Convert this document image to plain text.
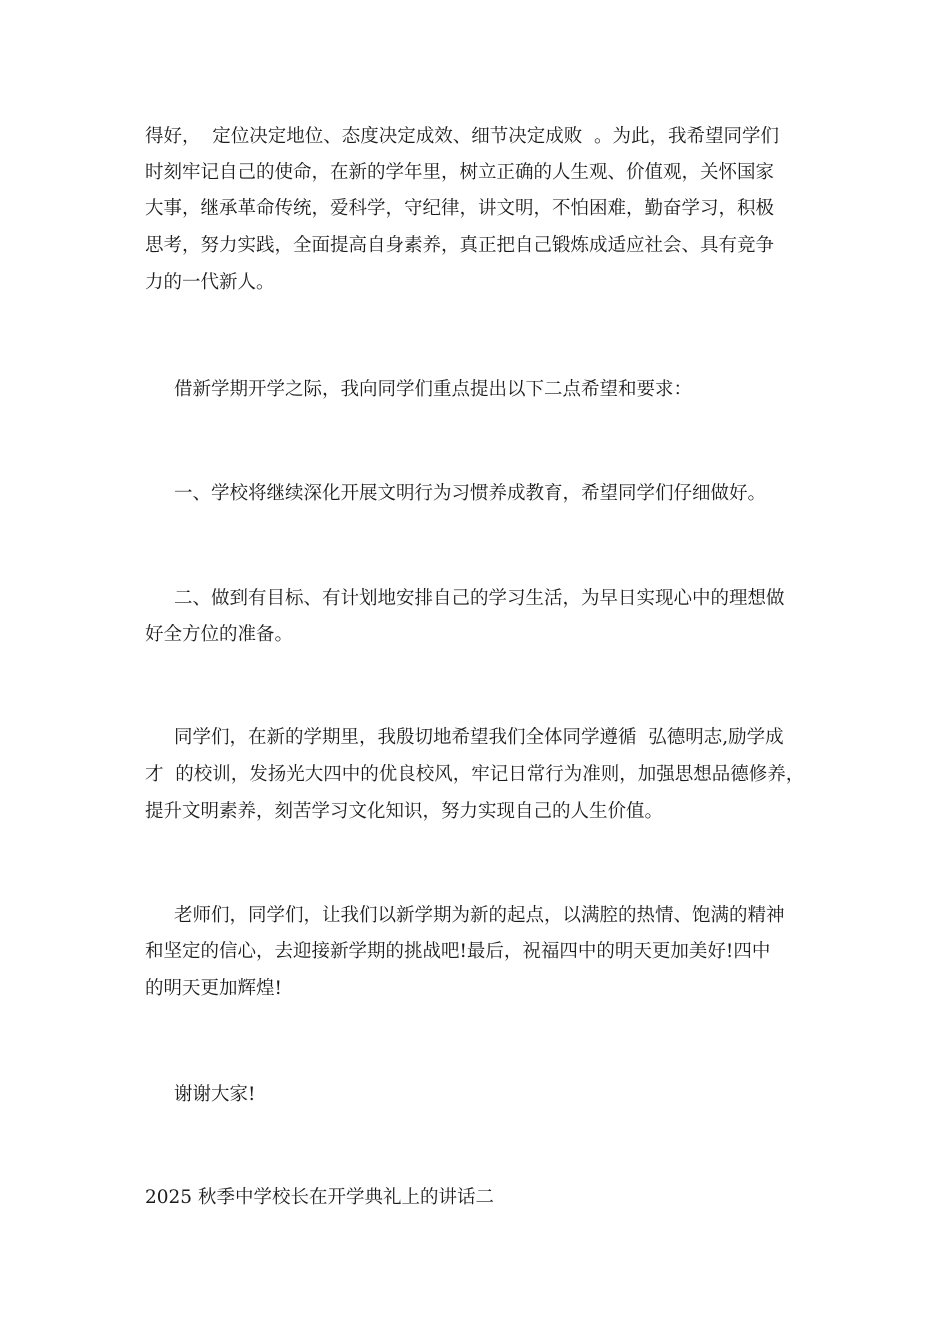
得好，  定位决定地位、态度决定成效、细节决定成败  。为此，我希望同学们
时刻牢记自己的使命，在新的学年里，树立正确的人生观、价值观，关怀国家
大事，继承革命传统，爱科学，守纪律，讲文明，不怕困难，勤奋学习，积极
思考，努力实践，全面提高自身素养，真正把自己锻炼成适应社会、具有竞争
力的一代新人。
借新学期开学之际，我向同学们重点提出以下二点希望和要求：
一、学校将继续深化开展文明行为习惯养成教育，希望同学们仔细做好。
二、做到有目标、有计划地安排自己的学习生活，为早日实现心中的理想做
好全方位的准备。
同学们，在新的学期里，我殷切地希望我们全体同学遵循  弘德明志,励学成
才  的校训，发扬光大四中的优良校风，牢记日常行为准则，加强思想品德修养，
提升文明素养，刻苦学习文化知识，努力实现自己的人生价值。
老师们，同学们，让我们以新学期为新的起点，以满腔的热情、饱满的精神
和坚定的信心，去迎接新学期的挑战吧!最后，祝福四中的明天更加美好!四中
的明天更加辉煌!
谢谢大家!
2025 秋季中学校长在开学典礼上的讲话二
